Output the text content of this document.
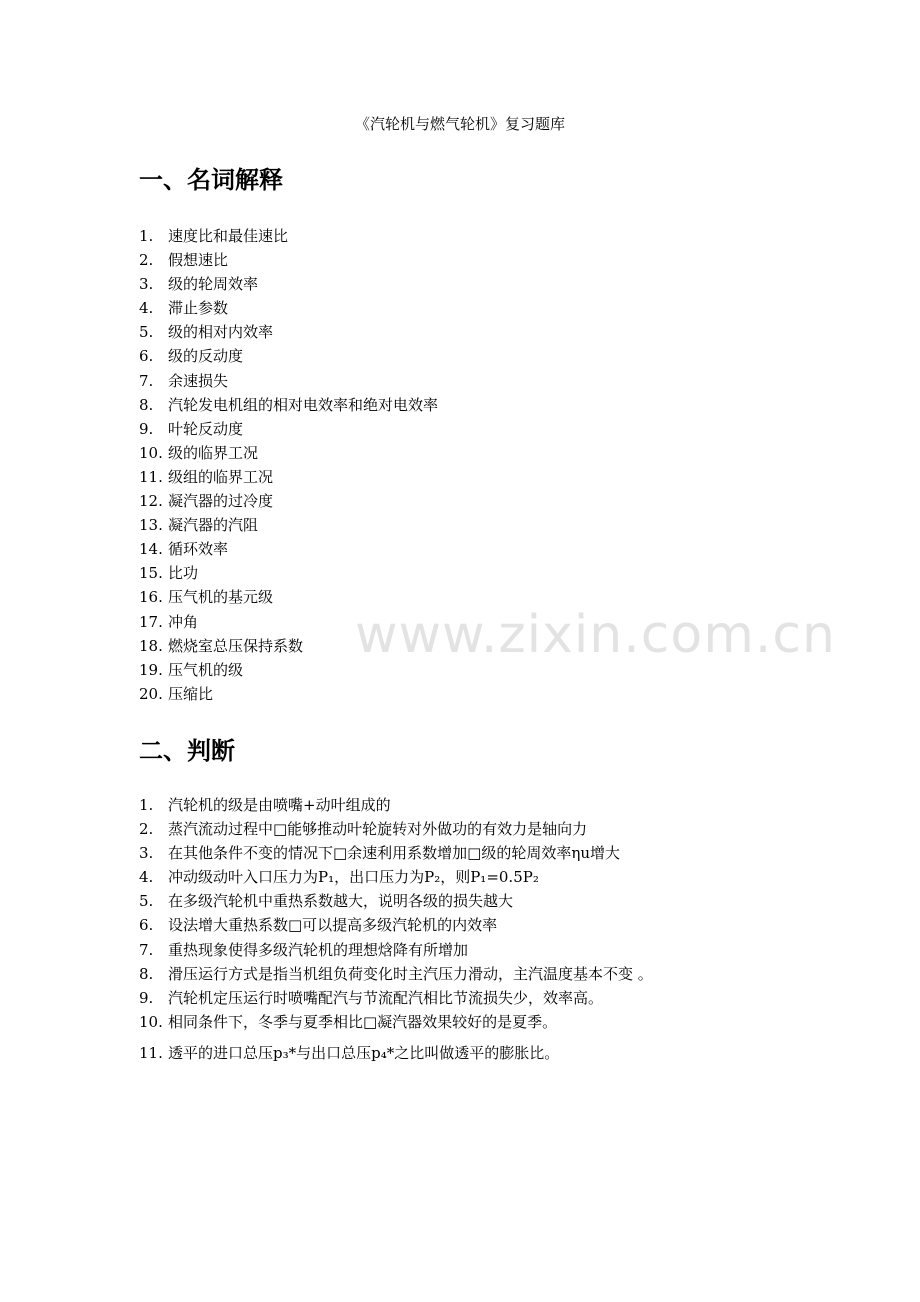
www.zixin.com.cn
《汽轮机与燃气轮机》复习题库
一、名词解释
1. 速度比和最佳速比
2. 假想速比
3. 级的轮周效率
4. 滞止参数
5. 级的相对内效率
6. 级的反动度
7. 余速损失
8. 汽轮发电机组的相对电效率和绝对电效率
9. 叶轮反动度
10. 级的临界工况
11. 级组的临界工况
12. 凝汽器的过冷度
13. 凝汽器的汽阻
14. 循环效率
15. 比功
16. 压气机的基元级
17. 冲角
18. 燃烧室总压保持系数
19. 压气机的级
20. 压缩比
二、判断
1. 汽轮机的级是由喷嘴+动叶组成的
2. 蒸汽流动过程中□能够推动叶轮旋转对外做功的有效力是轴向力
3. 在其他条件不变的情况下□余速利用系数增加□级的轮周效率ηu增大
4. 冲动级动叶入口压力为P₁，出口压力为P₂，则P₁=0.5P₂
5. 在多级汽轮机中重热系数越大，说明各级的损失越大
6. 设法增大重热系数□可以提高多级汽轮机的内效率
7. 重热现象使得多级汽轮机的理想焓降有所增加
8. 滑压运行方式是指当机组负荷变化时主汽压力滑动，主汽温度基本不变 。
9. 汽轮机定压运行时喷嘴配汽与节流配汽相比节流损失少，效率高。
10. 相同条件下，冬季与夏季相比□凝汽器效果较好的是夏季。
11. 透平的进口总压p₃*与出口总压p₄*之比叫做透平的膨胀比。
